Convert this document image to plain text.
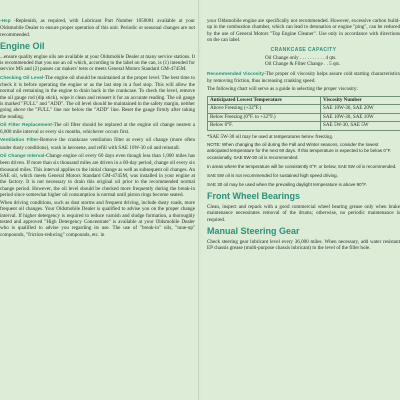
-Hsp -Replenish, as required, with Lubricant Part Number 1050081 available at your Oldsmobile Dealer to ensure proper operation of this unit. Periodic or seasonal changes are not recommended.

Engine Oil

...ensure quality engine oils are available at your Oldsmobile Dealer at many service stations. It is recommended that you use an oil which, according to the label on the can, is (1) intended for service MS and (2) passes car makers' tests or meets General Motors Standard GM-4745M.

Checking Oil Level-The engine oil should be maintained at the proper level. The best time to check it is before operating the engine or as the last step in a fuel stop. This will allow the normal oil remaining in the engine to drain back in the crankcase. To check the level, remove the oil gauge rod (dip stick), wipe it clean and reinsert it for an accurate reading. The oil gauge is marked "FULL" and "ADD". The oil level should be maintained in the safety margin, neither going above the "FULL" line nor below the "ADD" line. Reset the gauge firmly after taking the reading.

Oil Filter Replacement-The oil filter should be replaced at the engine oil change nearest a 6,000 mile interval or every six months, whichever occurs first.

Ventilation Filter-Remove the crankcase ventilation filter at every oil change (more often under dusty conditions), wash in kerosene, and refill with SAE 10W-30 oil and reinstall.

Oil Change Interval-Change engine oil every 60 days even though less than 1,000 miles has been driven. If more than six thousand miles are driven in a 60-day period, change oil every six thousand miles. This interval applies to the initial change as well as subsequent oil changes. An SAE oil, which meets General Motors Standard GM-4745M, was installed in your engine at the factory. It is not necessary to drain this original oil prior to the recommended normal change period. However, the oil level should be checked more frequently during the break-in period since somewhat higher oil consumption is normal until piston rings become seated.

When driving conditions, such as dust storms and frequent driving, include dusty roads, more frequent oil changes. Your Oldsmobile Dealer is qualified to advise you on the proper change interval. If higher detergency is required to reduce varnish and sludge formation, a thoroughly tested and approved "High Detergency Concentrate" is available at your Oldsmobile Dealer who is qualified to advise you regarding its use. The use of "break-in" oils, "tune-up" compounds, "friction-reducing" compounds, etc. in

your Oldsmobile engine are specifically not recommended. However, excessive carbon build-up in the combustion chamber, which can lead to detonation or engine "ping", can be reduced by the use of General Motors "Top Engine Cleaner". Use only in accordance with directions on the can label.

CRANKCASE CAPACITY
Oil Change only
. . . . . . . . . .
4 qts.
Oil Change & Filter Change
. .
5 qts.

Recommended Viscosity-The proper oil viscosity helps assure cold starting characteristics by removing friction, thus increasing cranking speed.

The following chart will serve as a guide in selecting the proper viscosity:

Anticipated Lowest Temperature	Viscosity Number
Above Freezing (+32°F.)	SAE 10W-30, SAE 20W
Below Freezing (0°F. to +32°F.)	SAE 10W-30, SAE 10W
Below 0°F.	SAE 5W-30, SAE 5W

*SAE 5W-30 oil may be used at temperatures below freezing.

NOTE: When changing the oil during the Fall and Winter seasons, consider the lowest anticipated temperature for the next 60 days. If this temperature is expected to be below 0°F. occasionally, SAE 5W-30 oil is recommended.

In areas where the temperature will be consistently 0°F. or below, SAE 5W oil is recommended.

SAE 5W oil is not recommended for sustained high speed driving.

SAE 30 oil may be used when the prevailing daylight temperature is above 90°F.

Front Wheel Bearings

Clean, inspect and repack with a good commercial wheel bearing grease only when brake maintenance necessitates removal of the drums; otherwise, no periodic maintenance is required.

Manual Steering Gear

Check steering gear lubricant level every 36,000 miles. When necessary, add water resistant EP chassis grease (multi-purpose chassis lubricant) to the level of the filler hole.
